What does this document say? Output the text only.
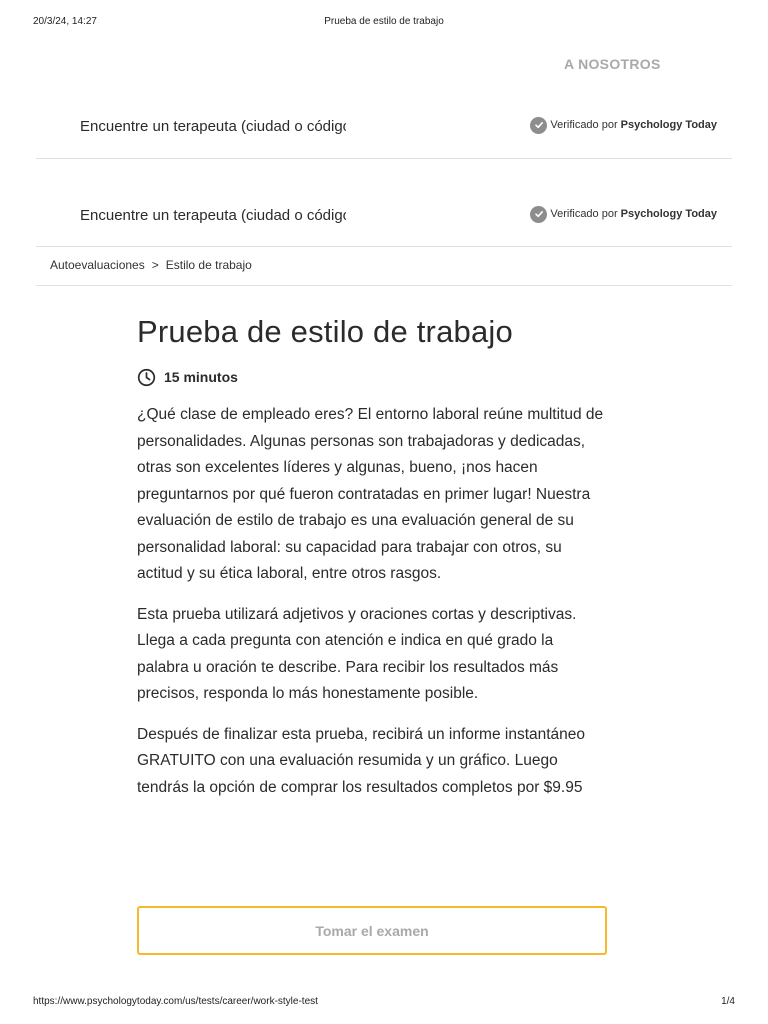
20/3/24, 14:27	Prueba de estilo de trabajo
A NOSOTROS
Encuentre un terapeuta (ciudad o código postal)
Verificado por Psychology Today
Encuentre un terapeuta (ciudad o código postal)
Verificado por Psychology Today
Autoevaluaciones > Estilo de trabajo
Prueba de estilo de trabajo
15 minutos

¿Qué clase de empleado eres? El entorno laboral reúne multitud de personalidades. Algunas personas son trabajadoras y dedicadas, otras son excelentes líderes y algunas, bueno, ¡nos hacen preguntarnos por qué fueron contratadas en primer lugar! Nuestra evaluación de estilo de trabajo es una evaluación general de su personalidad laboral: su capacidad para trabajar con otros, su actitud y su ética laboral, entre otros rasgos.

Esta prueba utilizará adjetivos y oraciones cortas y descriptivas. Llega a cada pregunta con atención e indica en qué grado la palabra u oración te describe. Para recibir los resultados más precisos, responda lo más honestamente posible.

Después de finalizar esta prueba, recibirá un informe instantáneo GRATUITO con una evaluación resumida y un gráfico. Luego tendrás la opción de comprar los resultados completos por $9.95

Tomar el examen
https://www.psychologytoday.com/us/tests/career/work-style-test	1/4
